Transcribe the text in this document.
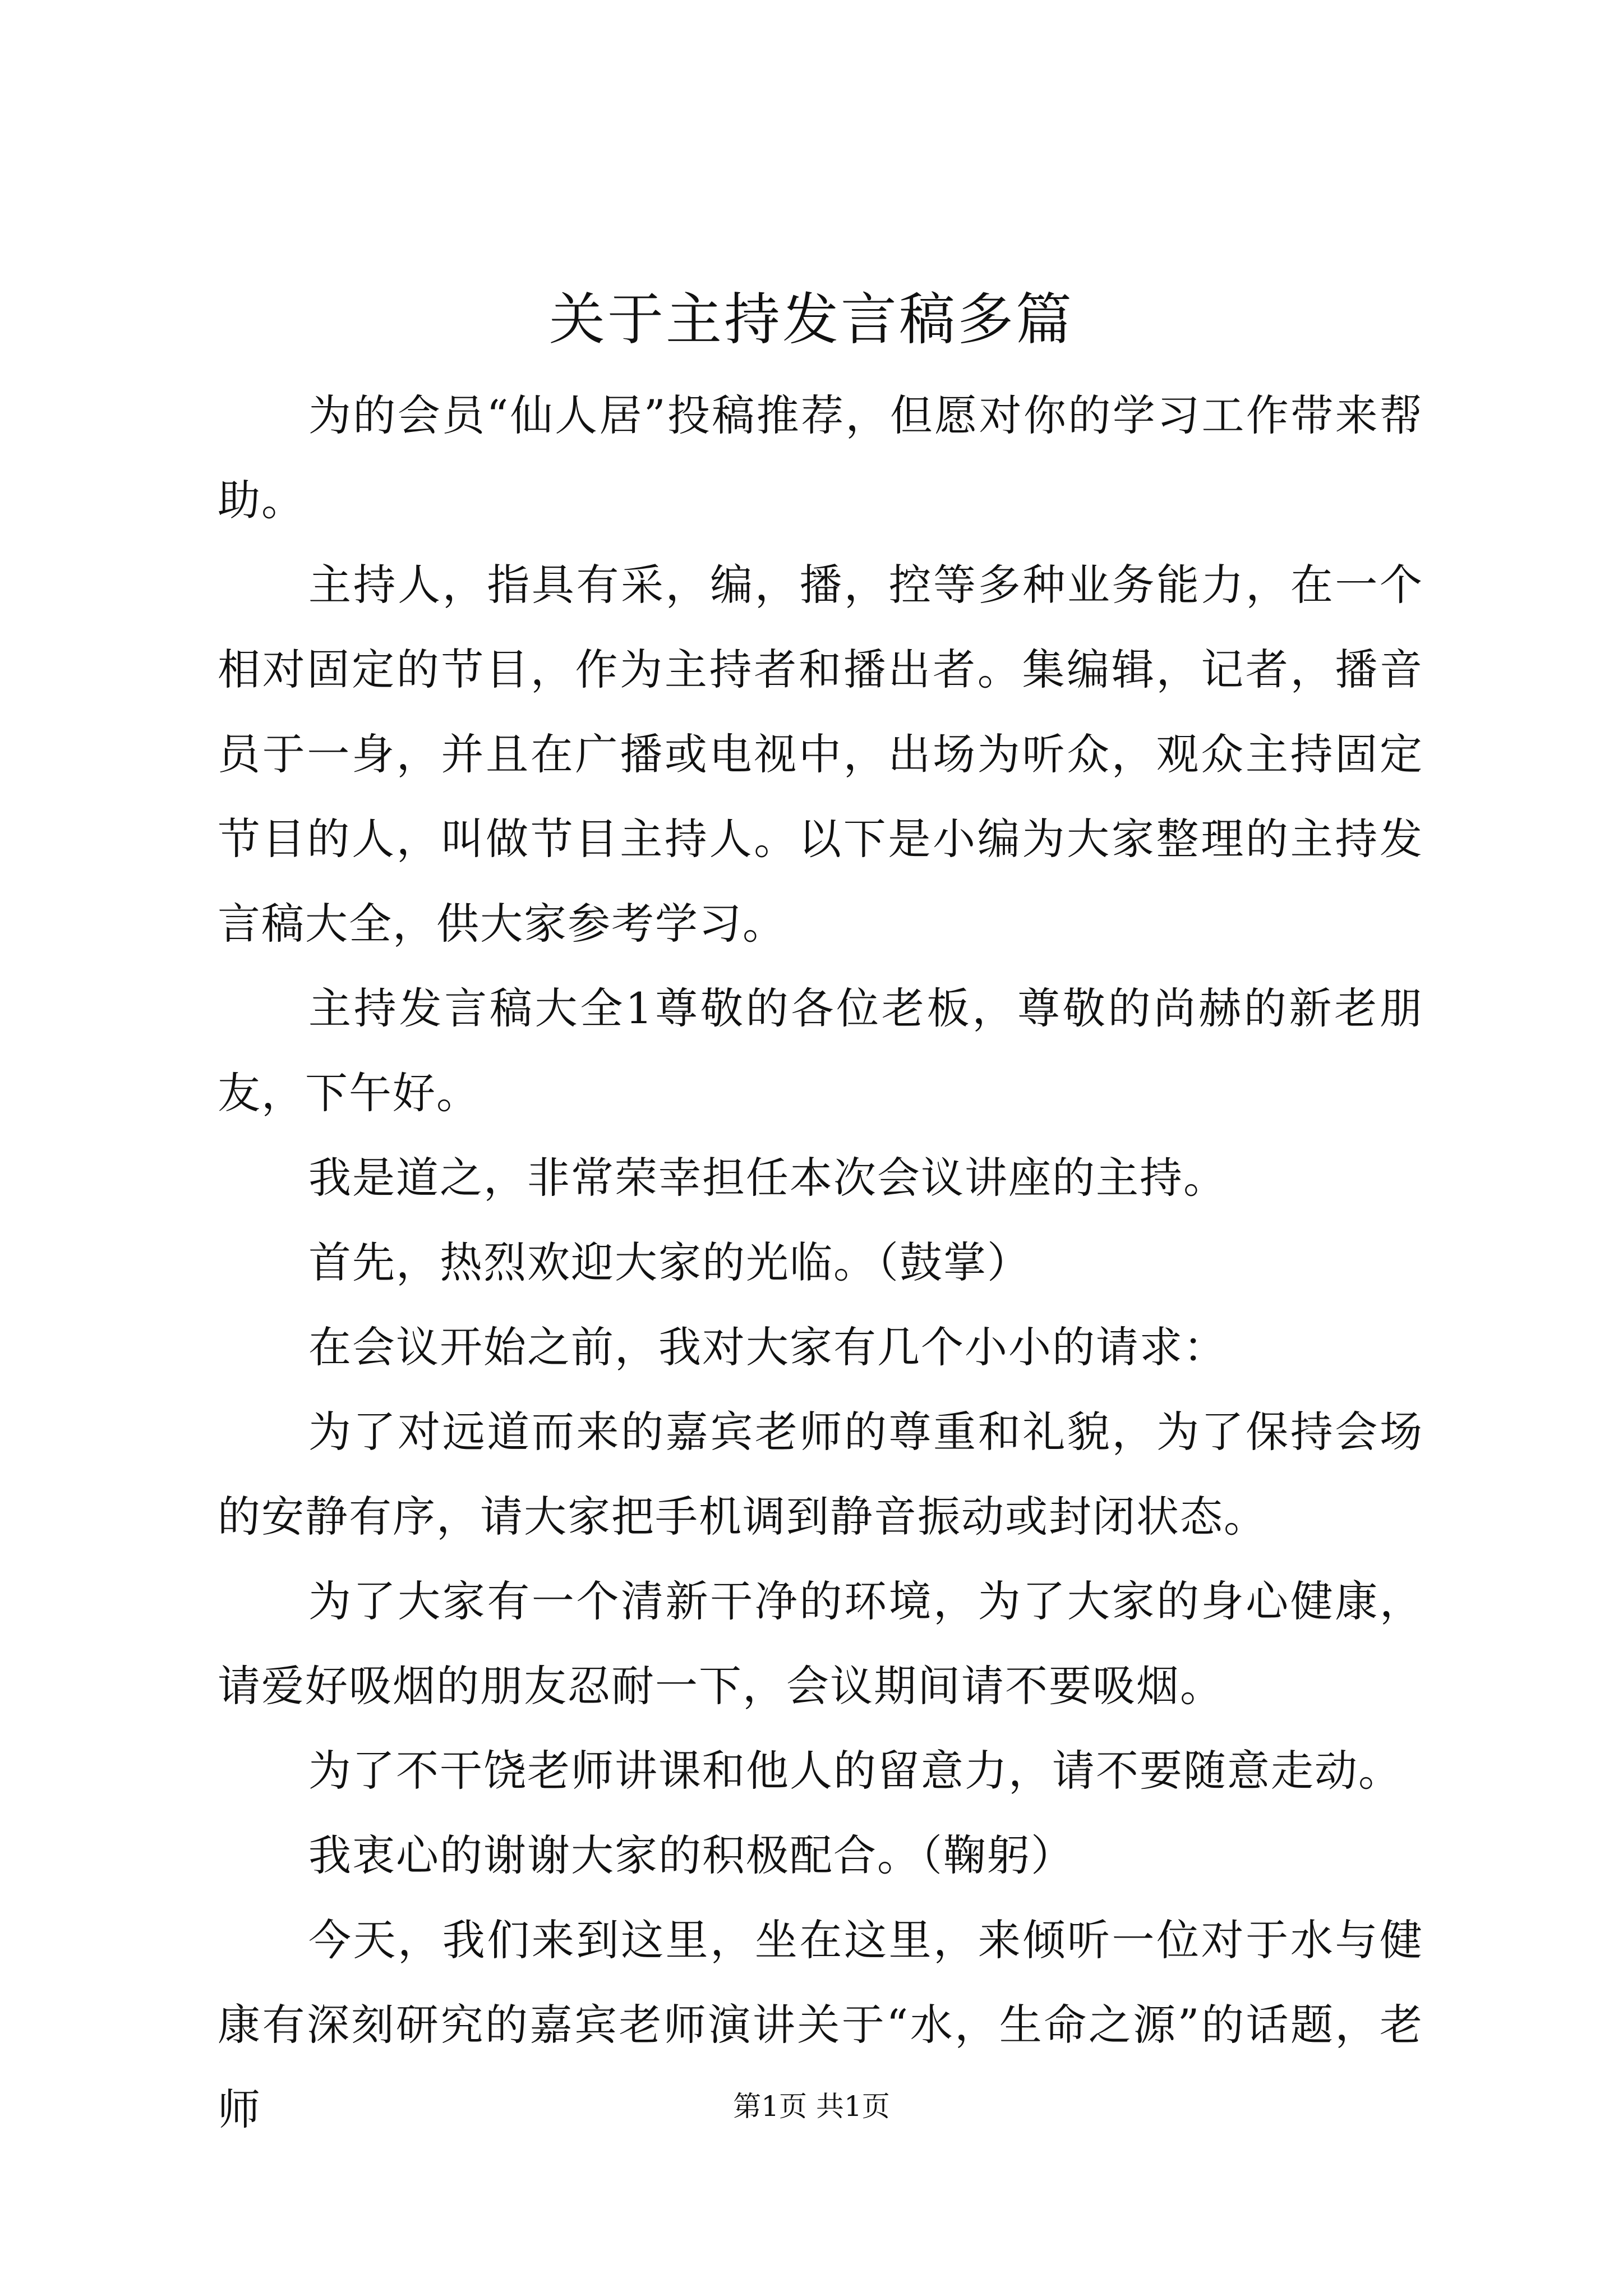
关于主持发言稿多篇

为的会员“仙人居”投稿推荐，但愿对你的学习工作带来帮助。

主持人，指具有采，编，播，控等多种业务能力，在一个相对固定的节目，作为主持者和播出者。集编辑，记者，播音员于一身，并且在广播或电视中，出场为听众，观众主持固定节目的人，叫做节目主持人。以下是小编为大家整理的主持发言稿大全，供大家参考学习。

主持发言稿大全1尊敬的各位老板，尊敬的尚赫的新老朋友，下午好。

我是道之，非常荣幸担任本次会议讲座的主持。

首先，热烈欢迎大家的光临。（鼓掌）

在会议开始之前，我对大家有几个小小的请求：

为了对远道而来的嘉宾老师的尊重和礼貌，为了保持会场的安静有序，请大家把手机调到静音振动或封闭状态。

为了大家有一个清新干净的环境，为了大家的身心健康，请爱好吸烟的朋友忍耐一下，会议期间请不要吸烟。

为了不干饶老师讲课和他人的留意力，请不要随意走动。

我衷心的谢谢大家的积极配合。（鞠躬）

今天，我们来到这里，坐在这里，来倾听一位对于水与健康有深刻研究的嘉宾老师演讲关于“水，生命之源”的话题，老师	第1页 共1页
